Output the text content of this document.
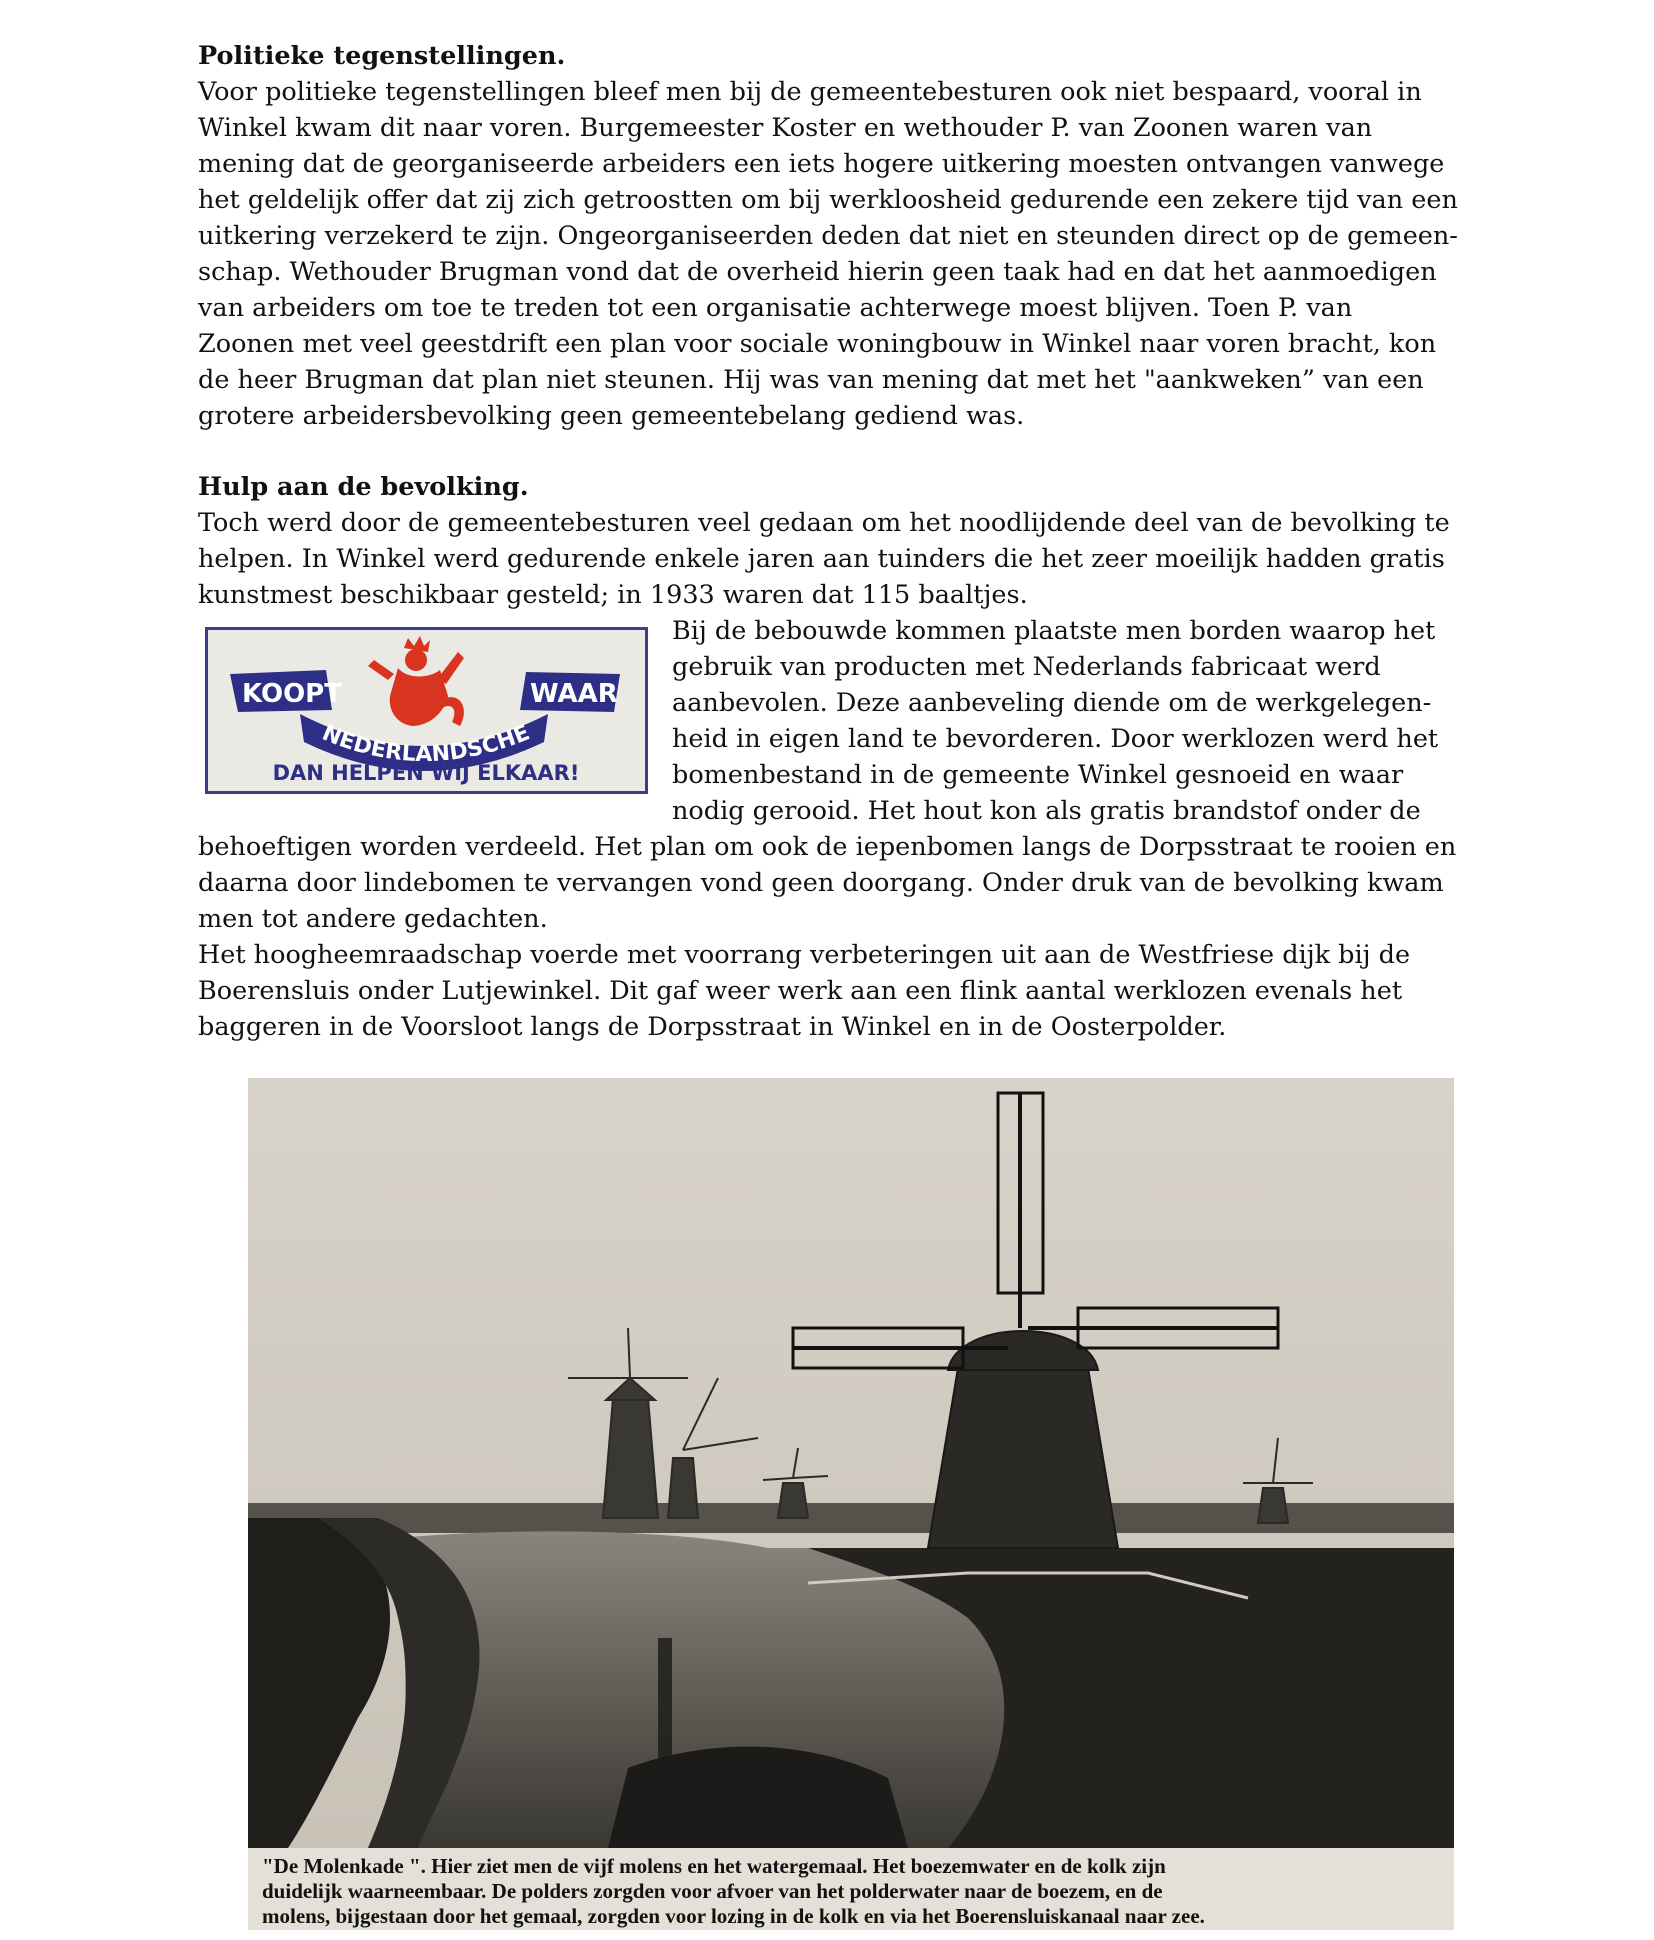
Politieke tegenstellingen.
Voor politieke tegenstellingen bleef men bij de gemeentebesturen ook niet bespaard, vooral in
Winkel kwam dit naar voren. Burgemeester Koster en wethouder P. van Zoonen waren van
mening dat de georganiseerde arbeiders een iets hogere uitkering moesten ontvangen vanwege
het geldelijk offer dat zij zich getroostten om bij werkloosheid gedurende een zekere tijd van een
uitkering verzekerd te zijn. Ongeorganiseerden deden dat niet en steunden direct op de gemeen-
schap. Wethouder Brugman vond dat de overheid hierin geen taak had en dat het aanmoedigen
van arbeiders om toe te treden tot een organisatie achterwege moest blijven. Toen P. van
Zoonen met veel geestdrift een plan voor sociale woningbouw in Winkel naar voren bracht, kon
de heer Brugman dat plan niet steunen. Hij was van mening dat met het "aankweken” van een
grotere arbeidersbevolking geen gemeentebelang gediend was.
Hulp aan de bevolking.
Toch werd door de gemeentebesturen veel gedaan om het noodlijdende deel van de bevolking te
helpen. In Winkel werd gedurende enkele jaren aan tuinders die het zeer moeilijk hadden gratis
kunstmest beschikbaar gesteld; in 1933 waren dat 115 baaltjes.
KOOPT	WAAR
NEDERLANDSCHE
DAN HELPEN WIJ ELKAAR!
Bij de bebouwde kommen plaatste men borden waarop het
gebruik van producten met Nederlands fabricaat werd
aanbevolen. Deze aanbeveling diende om de werkgelegen-
heid in eigen land te bevorderen. Door werklozen werd het
bomenbestand in de gemeente Winkel gesnoeid en waar
nodig gerooid. Het hout kon als gratis brandstof onder de
behoeftigen worden verdeeld. Het plan om ook de iepenbomen langs de Dorpsstraat te rooien en
daarna door lindebomen te vervangen vond geen doorgang. Onder druk van de bevolking kwam
men tot andere gedachten.
Het hoogheemraadschap voerde met voorrang verbeteringen uit aan de Westfriese dijk bij de
Boerensluis onder Lutjewinkel. Dit gaf weer werk aan een flink aantal werklozen evenals het
baggeren in de Voorsloot langs de Dorpsstraat in Winkel en in de Oosterpolder.
"De Molenkade ". Hier ziet men de vijf molens en het watergemaal. Het boezemwater en de kolk zijn
duidelijk waarneembaar. De polders zorgden voor afvoer van het polderwater naar de boezem, en de
molens, bijgestaan door het gemaal, zorgden voor lozing in de kolk en via het Boerensluiskanaal naar zee.
